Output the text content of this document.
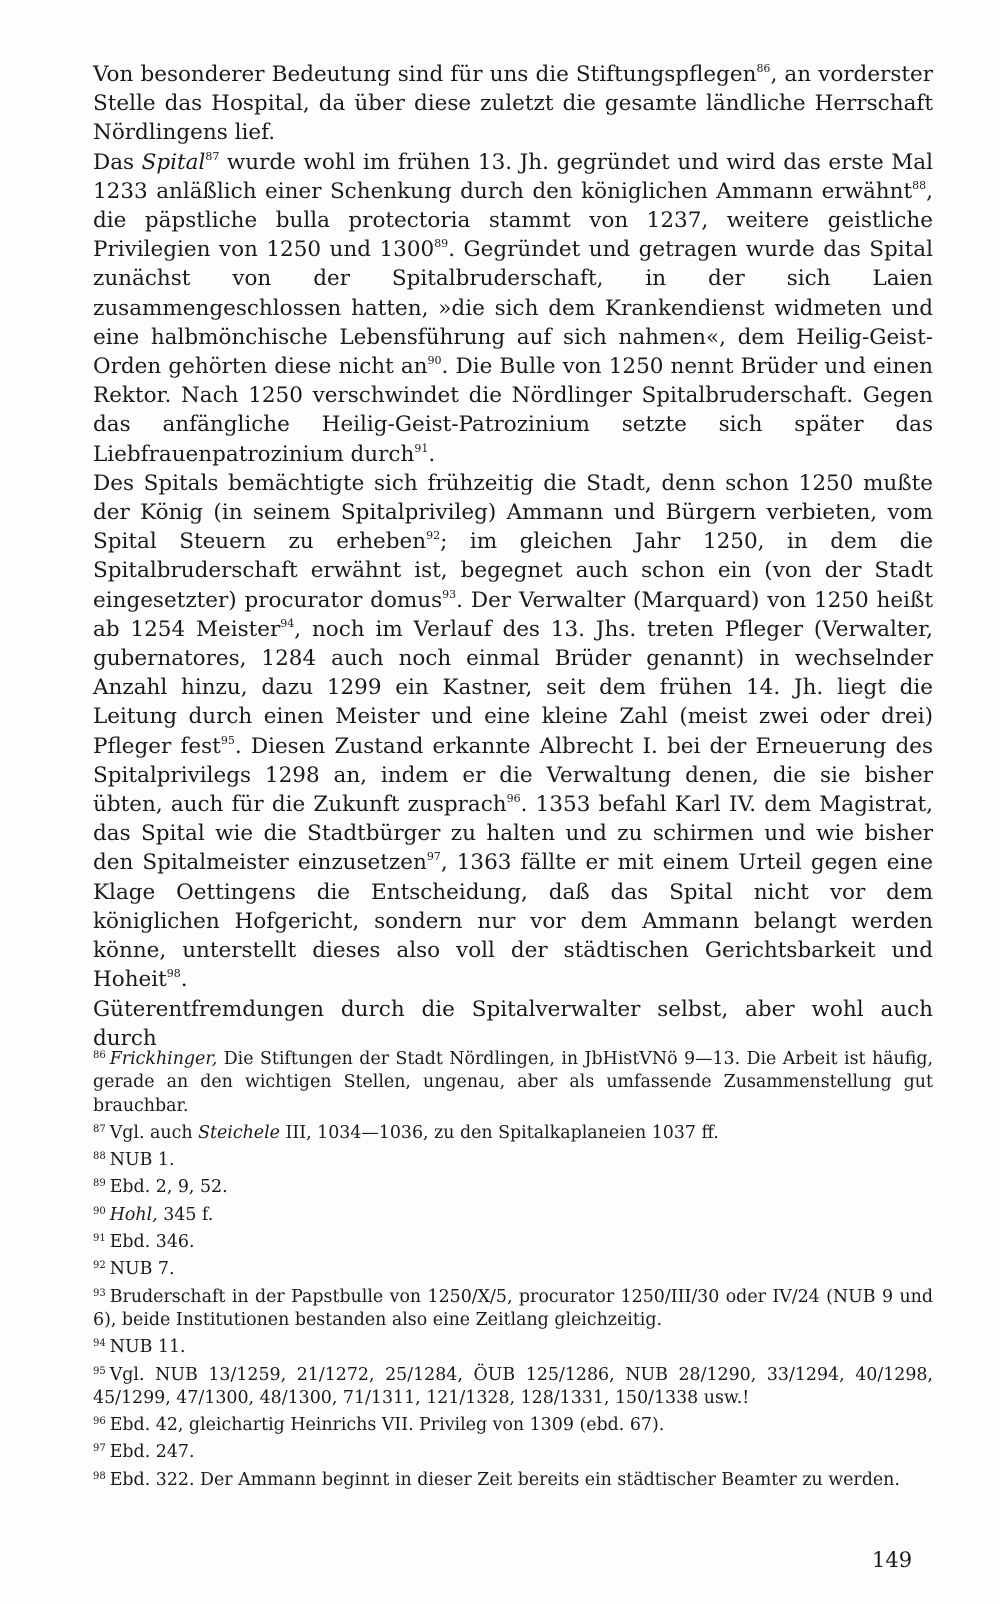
Von besonderer Bedeutung sind für uns die Stiftungspflegen$^{86}$, an vorderster Stelle das Hospital, da über diese zuletzt die gesamte ländliche Herrschaft Nördlingens lief.

Das Spital$^{87}$ wurde wohl im frühen 13. Jh. gegründet und wird das erste Mal 1233 anläßlich einer Schenkung durch den königlichen Ammann erwähnt$^{88}$, die päpstliche bulla protectoria stammt von 1237, weitere geistliche Privilegien von 1250 und 1300$^{89}$. Gegründet und getragen wurde das Spital zunächst von der Spitalbruderschaft, in der sich Laien zusammengeschlossen hatten, »die sich dem Krankendienst widmeten und eine halbmönchische Lebensführung auf sich nahmen«, dem Heilig-Geist-Orden gehörten diese nicht $an^{90}$. Die Bulle von 1250 nennt Brüder und einen Rektor. Nach 1250 verschwindet die Nördlinger Spitalbruderschaft. Gegen das anfängliche Heilig-Geist-Patrozinium setzte sich später das Liebfrauenpatrozinium durch$^{91}$.

Des Spitals bemächtigte sich frühzeitig die Stadt, denn schon 1250 mußte der König (in seinem Spitalprivileg) Ammann und Bürgern verbieten, vom Spital Steuern zu erheben$^{92}$; im gleichen Jahr 1250, in dem die Spitalbruderschaft erwähnt ist, begegnet auch schon ein (von der Stadt eingesetzter) procurator domus$^{93}$. Der Verwalter (Marquard) von 1250 heißt ab 1254 Meister$^{94}$, noch im Verlauf des 13. Jhs. treten Pfleger (Verwalter, gubernatores, 1284 auch noch einmal Brüder genannt) in wechselnder Anzahl hinzu, dazu 1299 ein Kastner, seit dem frühen 14. Jh. liegt die Leitung durch einen Meister und eine kleine Zahl (meist zwei oder drei) Pfleger fest$^{95}$. Diesen Zustand erkannte Albrecht I. bei der Erneuerung des Spitalprivilegs 1298 an, indem er die Verwaltung denen, die sie bisher übten, auch für die Zukunft zusprach$^{96}$. 1353 befahl Karl IV. dem Magistrat, das Spital wie die Stadtbürger zu halten und zu schirmen und wie bisher den Spitalmeister einzusetzen$^{97}$, 1363 fällte er mit einem Urteil gegen eine Klage Oettingens die Entscheidung, daß das Spital nicht vor dem königlichen Hofgericht, sondern nur vor dem Ammann belangt werden könne, unterstellt dieses also voll der städtischen Gerichtsbarkeit und Hoheit$^{98}$.

Güterentfremdungen durch die Spitalverwalter selbst, aber wohl auch durch

$^{86}$ Frickhinger, Die Stiftungen der Stadt Nördlingen, in JbHistVNö 9—13. Die Arbeit ist häufig, gerade an den wichtigen Stellen, ungenau, aber als umfassende Zusammenstellung gut brauchbar.
$^{87}$ Vgl. auch Steichele III, 1034—1036, zu den Spitalkaplaneien 1037 ff.
$^{88}$ NUB 1.
$^{89}$ Ebd. 2, 9, 52.
$^{90}$ Hohl, 345 f.
$^{91}$ Ebd. 346.
$^{92}$ NUB 7.
$^{93}$ Bruderschaft in der Papstbulle von 1250/X/5, procurator 1250/III/30 oder IV/24 (NUB 9 und 6), beide Institutionen bestanden also eine Zeitlang gleichzeitig.
$^{94}$ NUB 11.
$^{95}$ Vgl. NUB 13/1259, 21/1272, 25/1284, ÖUB 125/1286, NUB 28/1290, 33/1294, 40/1298, 45/1299, 47/1300, 48/1300, 71/1311, 121/1328, 128/1331, 150/1338 usw.!
$^{96}$ Ebd. 42, gleichartig Heinrichs VII. Privileg von 1309 (ebd. 67).
$^{97}$ Ebd. 247.
$^{98}$ Ebd. 322. Der Ammann beginnt in dieser Zeit bereits ein städtischer Beamter zu werden.
149
